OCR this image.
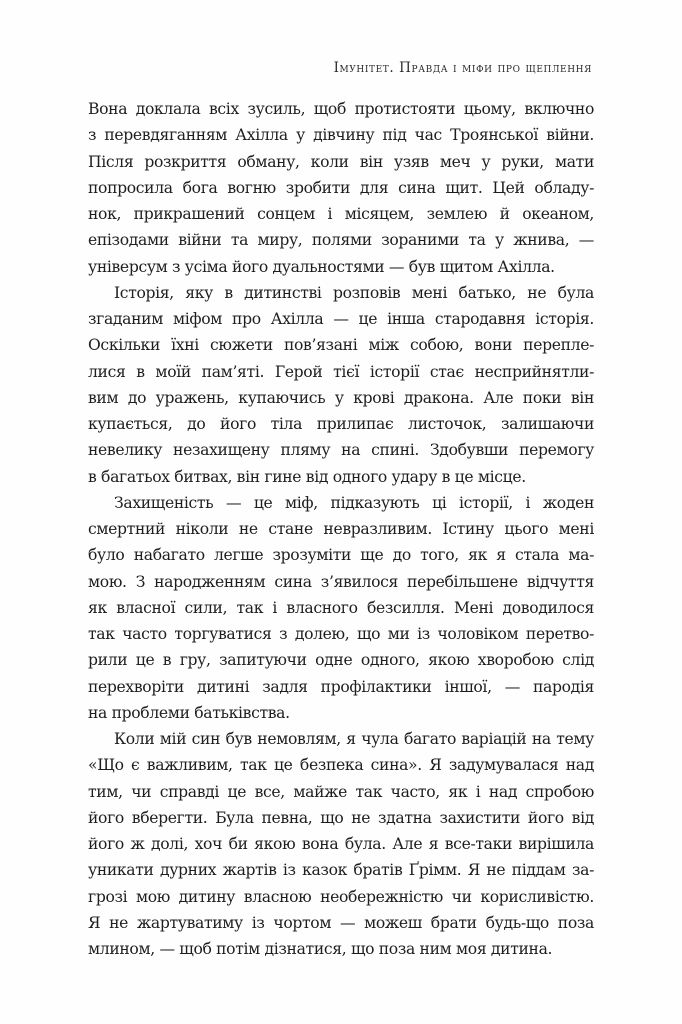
Імунітет. Правда і міфи про щеплення
Вона доклала всіх зусиль, щоб протистояти цьому, включно
з перевдяганням Ахілла у дівчину під час Троянської війни.
Після розкриття обману, коли він узяв меч у руки, мати
попросила бога вогню зробити для сина щит. Цей обладу-
нок, прикрашений сонцем і місяцем, землею й океаном,
епізодами війни та миру, полями зораними та у жнива, —
універсум з усіма його дуальностями — був щитом Ахілла.
Історія, яку в дитинстві розповів мені батько, не була
згаданим міфом про Ахілла — це інша стародавня історія.
Оскільки їхні сюжети пов’язані між собою, вони перепле-
лися в моїй пам’яті. Герой тієї історії стає несприйнятли-
вим до уражень, купаючись у крові дракона. Але поки він
купається, до його тіла прилипає листочок, залишаючи
невелику незахищену пляму на спині. Здобувши перемогу
в багатьох битвах, він гине від одного удару в це місце.
Захищеність — це міф, підказують ці історії, і жоден
смертний ніколи не стане невразливим. Істину цього мені
було набагато легше зрозуміти ще до того, як я стала ма-
мою. З народженням сина з’явилося перебільшене відчуття
як власної сили, так і власного безсилля. Мені доводилося
так часто торгуватися з долею, що ми із чоловіком перетво-
рили це в гру, запитуючи одне одного, якою хворобою слід
перехворіти дитині задля профілактики іншої, — пародія
на проблеми батьківства.
Коли мій син був немовлям, я чула багато варіацій на тему
«Що є важливим, так це безпека сина». Я задумувалася над
тим, чи справді це все, майже так часто, як і над спробою
його вберегти. Була певна, що не здатна захистити його від
його ж долі, хоч би якою вона була. Але я все-таки вирішила
уникати дурних жартів із казок братів Ґрімм. Я не піддам за-
грозі мою дитину власною необережністю чи корисливістю.
Я не жартуватиму із чортом — можеш брати будь-що поза
млином, — щоб потім дізнатися, що поза ним моя дитина.
